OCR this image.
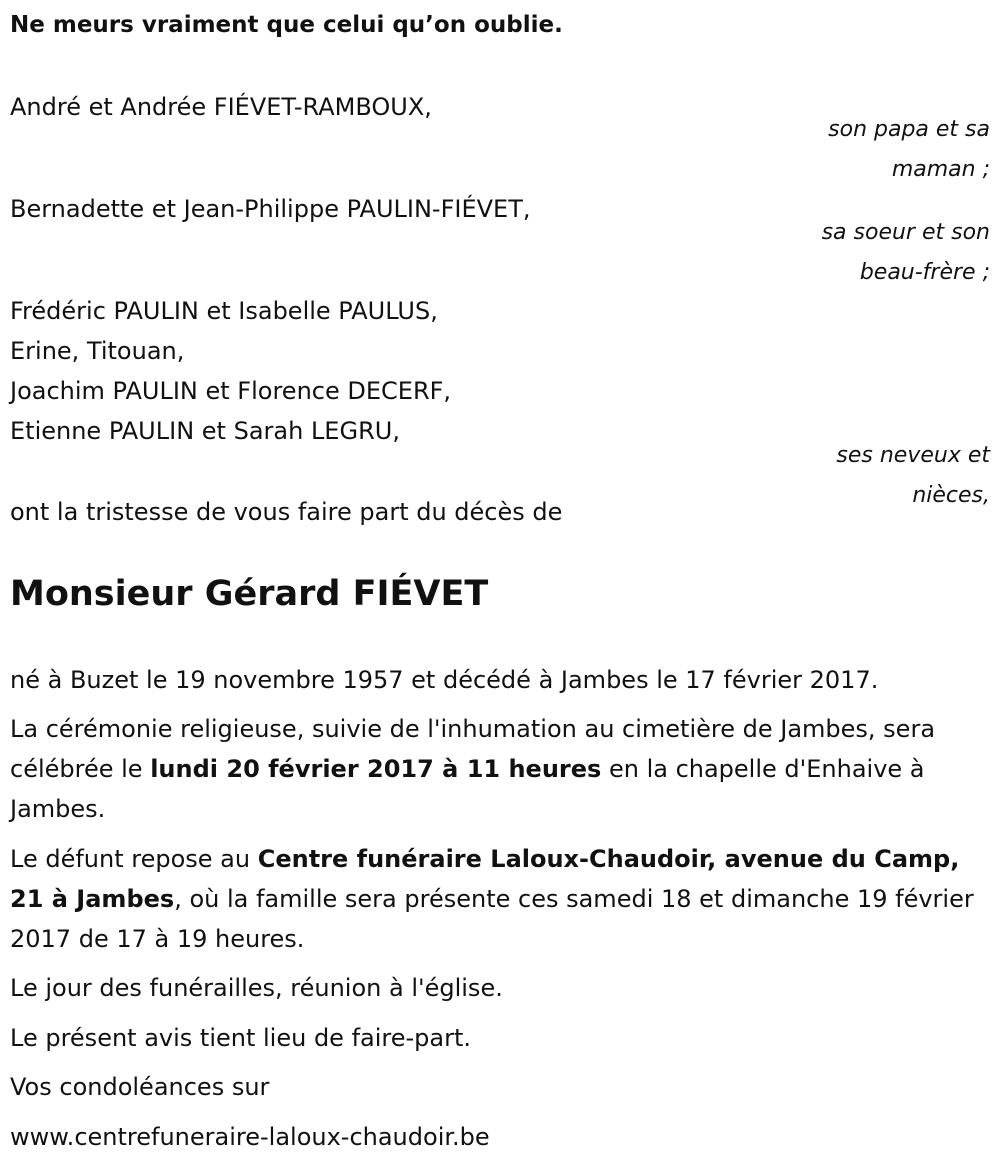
Ne meurs vraiment que celui qu’on oublie.
André et Andrée FIÉVET-RAMBOUX,
son papa et sa
maman ;
Bernadette et Jean-Philippe PAULIN-FIÉVET,
sa soeur et son
beau-frère ;
Frédéric PAULIN et Isabelle PAULUS,
Erine, Titouan,
Joachim PAULIN et Florence DECERF,
Etienne PAULIN et Sarah LEGRU,
ses neveux et
nièces,
ont la tristesse de vous faire part du décès de
Monsieur Gérard FIÉVET
né à Buzet le 19 novembre 1957 et décédé à Jambes le 17 février 2017.
La cérémonie religieuse, suivie de l'inhumation au cimetière de Jambes, sera célébrée le lundi 20 février 2017 à 11 heures en la chapelle d'Enhaive à Jambes.
Le défunt repose au Centre funéraire Laloux-Chaudoir, avenue du Camp, 21 à Jambes, où la famille sera présente ces samedi 18 et dimanche 19 février 2017 de 17 à 19 heures.
Le jour des funérailles, réunion à l'église.
Le présent avis tient lieu de faire-part.
Vos condoléances sur
www.centrefuneraire-laloux-chaudoir.be
